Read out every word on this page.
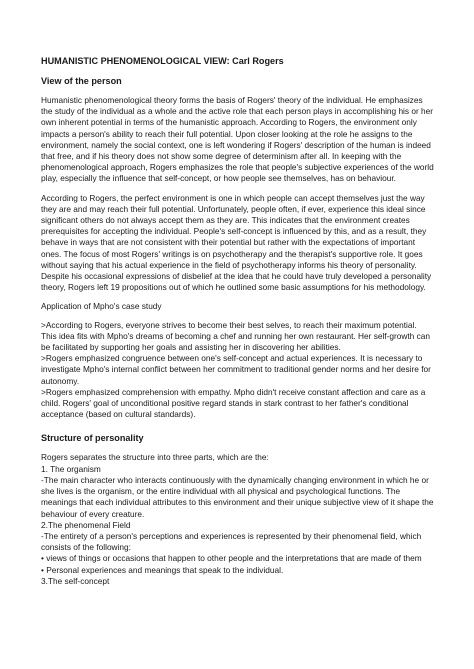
HUMANISTIC PHENOMENOLOGICAL VIEW: Carl Rogers
View of the person

Humanistic phenomenological theory forms the basis of Rogers' theory of the individual. He emphasizes the study of the individual as a whole and the active role that each person plays in accomplishing his or her own inherent potential in terms of the humanistic approach. According to Rogers, the environment only impacts a person's ability to reach their full potential. Upon closer looking at the role he assigns to the environment, namely the social context, one is left wondering if Rogers' description of the human is indeed that free, and if his theory does not show some degree of determinism after all. In keeping with the phenomenological approach, Rogers emphasizes the role that people's subjective experiences of the world play, especially the influence that self-concept, or how people see themselves, has on behaviour.

According to Rogers, the perfect environment is one in which people can accept themselves just the way they are and may reach their full potential. Unfortunately, people often, if ever, experience this ideal since significant others do not always accept them as they are. This indicates that the environment creates prerequisites for accepting the individual. People's self-concept is influenced by this, and as a result, they behave in ways that are not consistent with their potential but rather with the expectations of important ones. The focus of most Rogers' writings is on psychotherapy and the therapist's supportive role. It goes without saying that his actual experience in the field of psychotherapy informs his theory of personality. Despite his occasional expressions of disbelief at the idea that he could have truly developed a personality theory, Rogers left 19 propositions out of which he outlined some basic assumptions for his methodology.

Application of Mpho's case study

>According to Rogers, everyone strives to become their best selves, to reach their maximum potential. This idea fits with Mpho's dreams of becoming a chef and running her own restaurant. Her self-growth can be facilitated by supporting her goals and assisting her in discovering her abilities.

>Rogers emphasized congruence between one's self-concept and actual experiences. It is necessary to investigate Mpho's internal conflict between her commitment to traditional gender norms and her desire for autonomy.

>Rogers emphasized comprehension with empathy. Mpho didn't receive constant affection and care as a child. Rogers' goal of unconditional positive regard stands in stark contrast to her father's conditional acceptance (based on cultural standards).

Structure of personality

Rogers separates the structure into three parts, which are the:

1. The organism

-The main character who interacts continuously with the dynamically changing environment in which he or she lives is the organism, or the entire individual with all physical and psychological functions. The meanings that each individual attributes to this environment and their unique subjective view of it shape the behaviour of every creature.

2.The phenomenal Field

-The entirety of a person's perceptions and experiences is represented by their phenomenal field, which consists of the following:

• views of things or occasions that happen to other people and the interpretations that are made of them

• Personal experiences and meanings that speak to the individual.

3.The self-concept
